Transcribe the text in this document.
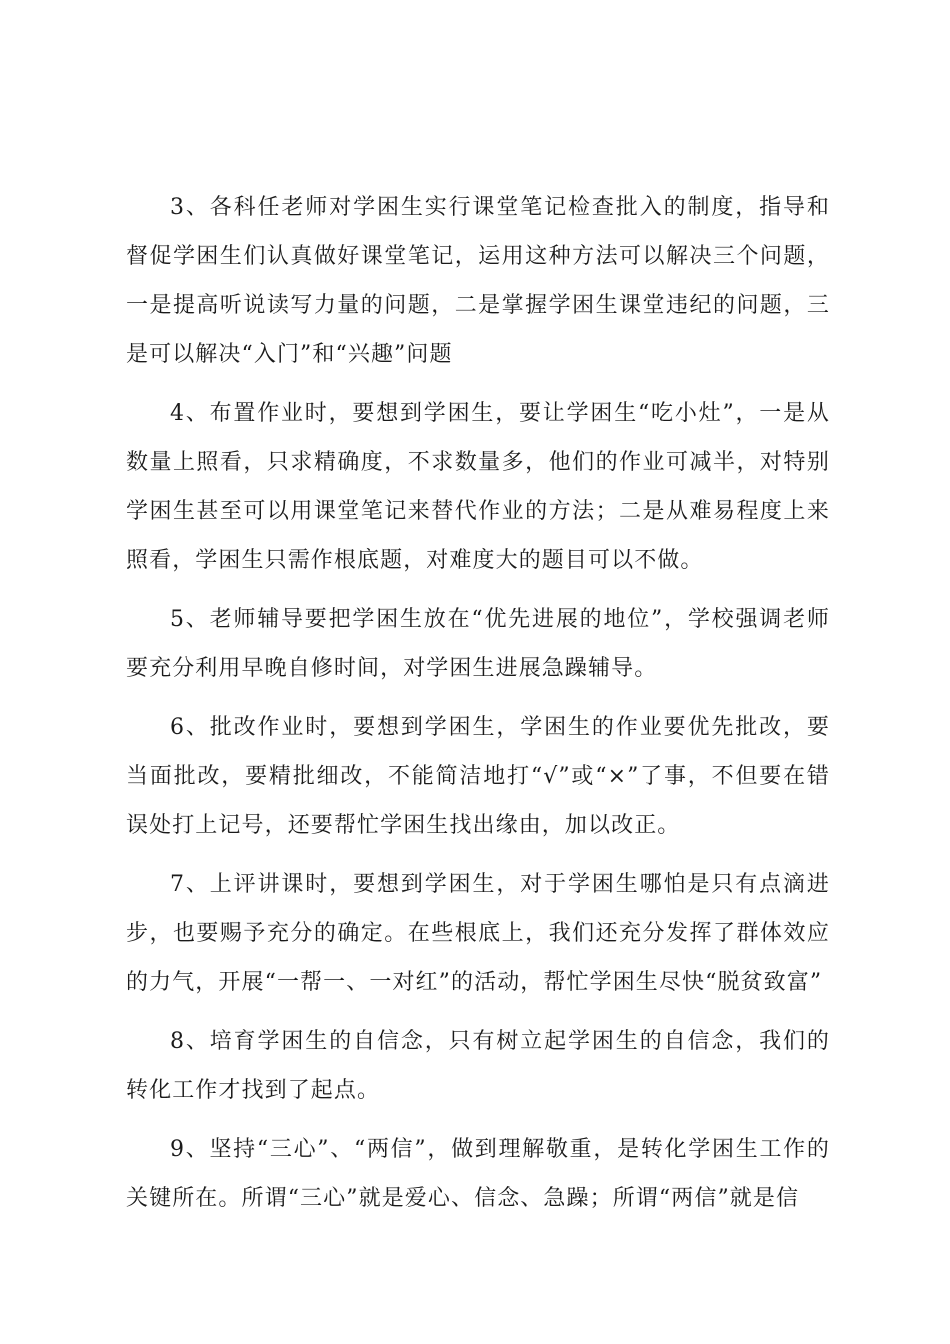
3、各科任老师对学困生实行课堂笔记检查批入的制度，指导和督促学困生们认真做好课堂笔记，运用这种方法可以解决三个问题，一是提高听说读写力量的问题，二是掌握学困生课堂违纪的问题，三是可以解决“入门”和“兴趣”问题

4、布置作业时，要想到学困生，要让学困生“吃小灶”，一是从数量上照看，只求精确度，不求数量多，他们的作业可减半，对特别学困生甚至可以用课堂笔记来替代作业的方法；二是从难易程度上来照看，学困生只需作根底题，对难度大的题目可以不做。

5、老师辅导要把学困生放在“优先进展的地位”，学校强调老师要充分利用早晚自修时间，对学困生进展急躁辅导。

6、批改作业时，要想到学困生，学困生的作业要优先批改，要当面批改，要精批细改，不能简洁地打“√”或“×”了事，不但要在错误处打上记号，还要帮忙学困生找出缘由，加以改正。

7、上评讲课时，要想到学困生，对于学困生哪怕是只有点滴进步，也要赐予充分的确定。在些根底上，我们还充分发挥了群体效应的力气，开展“一帮一、一对红”的活动，帮忙学困生尽快“脱贫致富”

8、培育学困生的自信念，只有树立起学困生的自信念，我们的转化工作才找到了起点。

9、坚持“三心”、“两信”，做到理解敬重，是转化学困生工作的关键所在。所谓“三心”就是爱心、信念、急躁；所谓“两信”就是信
